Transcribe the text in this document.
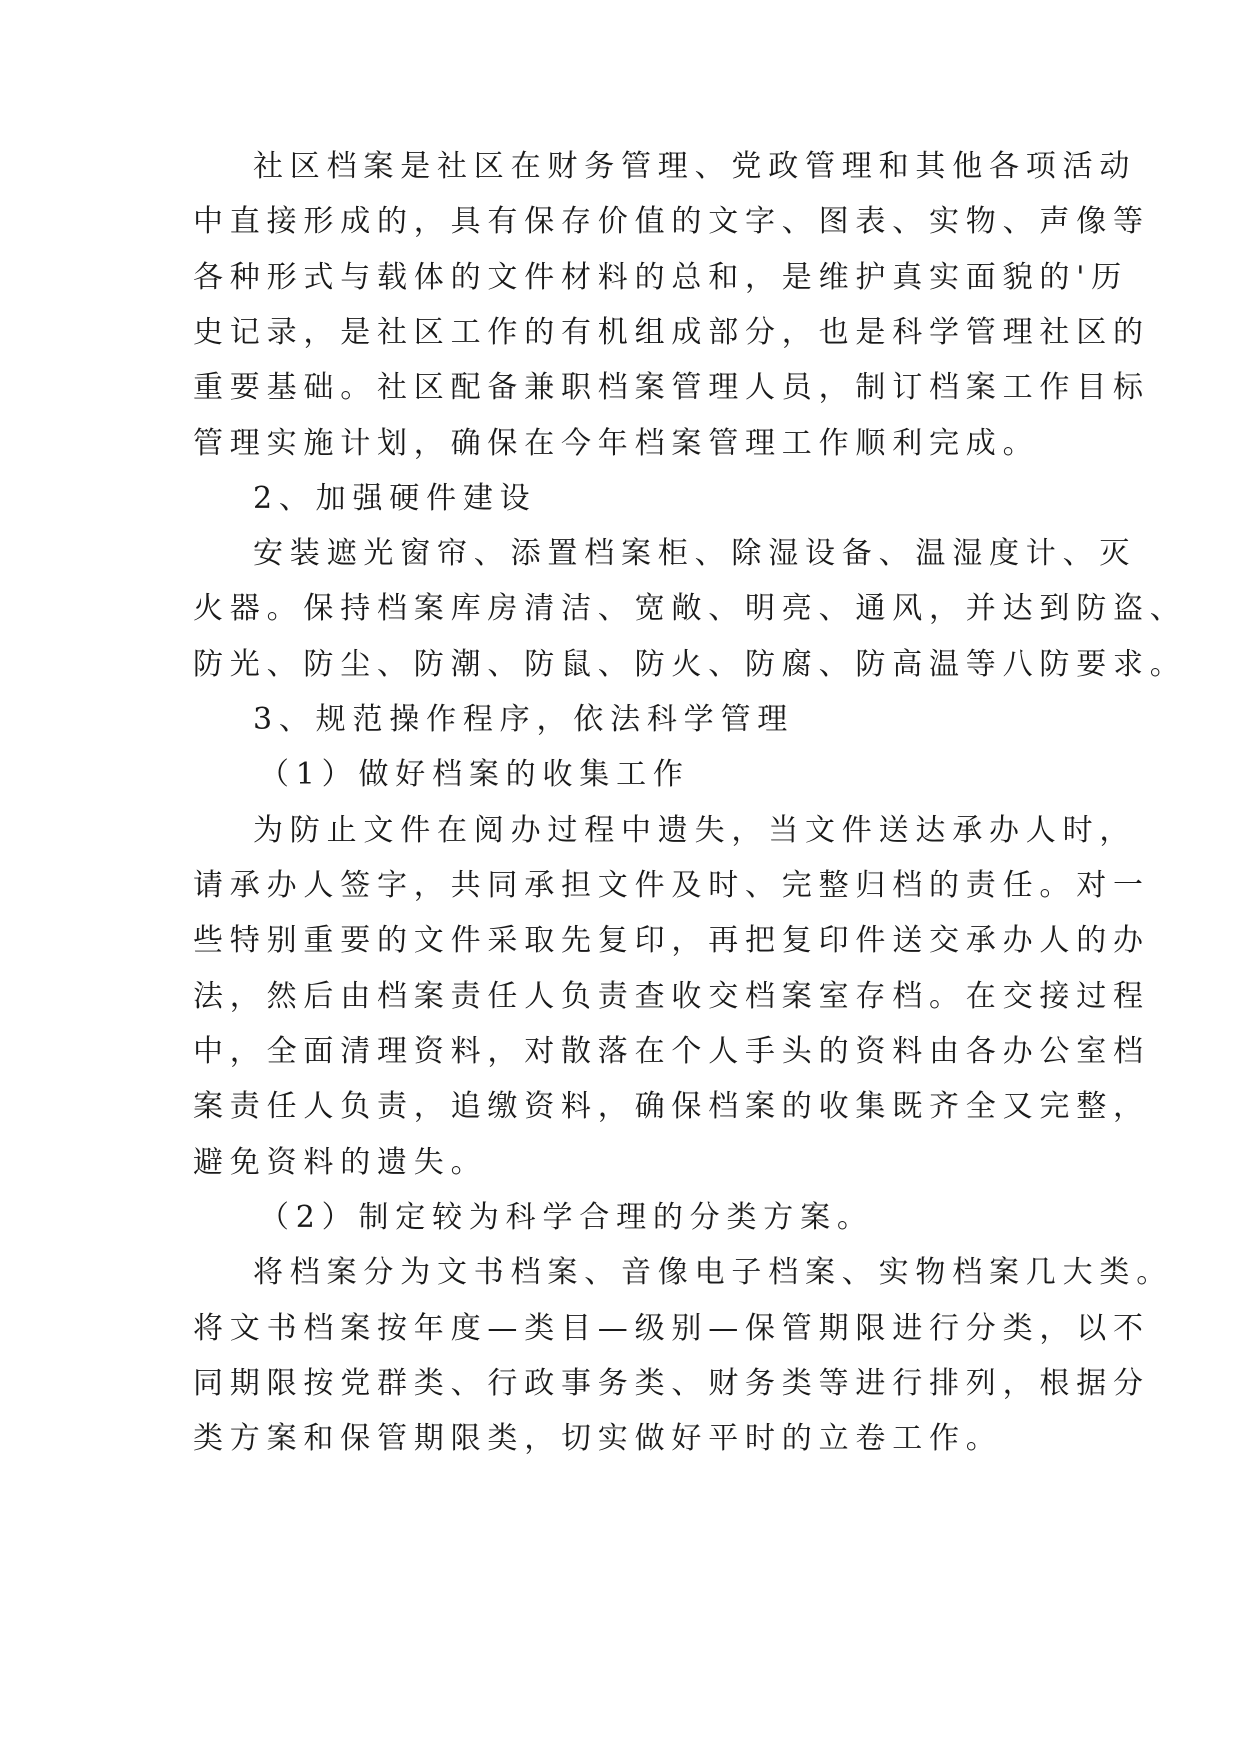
社区档案是社区在财务管理、党政管理和其他各项活动
中直接形成的，具有保存价值的文字、图表、实物、声像等
各种形式与载体的文件材料的总和，是维护真实面貌的'历
史记录，是社区工作的有机组成部分，也是科学管理社区的
重要基础。社区配备兼职档案管理人员，制订档案工作目标
管理实施计划，确保在今年档案管理工作顺利完成。
2、加强硬件建设
安装遮光窗帘、添置档案柜、除湿设备、温湿度计、灭
火器。保持档案库房清洁、宽敞、明亮、通风，并达到防盗、
防光、防尘、防潮、防鼠、防火、防腐、防高温等八防要求。
3、规范操作程序，依法科学管理
（1）做好档案的收集工作
为防止文件在阅办过程中遗失，当文件送达承办人时，
请承办人签字，共同承担文件及时、完整归档的责任。对一
些特别重要的文件采取先复印，再把复印件送交承办人的办
法，然后由档案责任人负责查收交档案室存档。在交接过程
中，全面清理资料，对散落在个人手头的资料由各办公室档
案责任人负责，追缴资料，确保档案的收集既齐全又完整，
避免资料的遗失。
（2）制定较为科学合理的分类方案。
将档案分为文书档案、音像电子档案、实物档案几大类。
将文书档案按年度—类目—级别—保管期限进行分类，以不
同期限按党群类、行政事务类、财务类等进行排列，根据分
类方案和保管期限类，切实做好平时的立卷工作。
